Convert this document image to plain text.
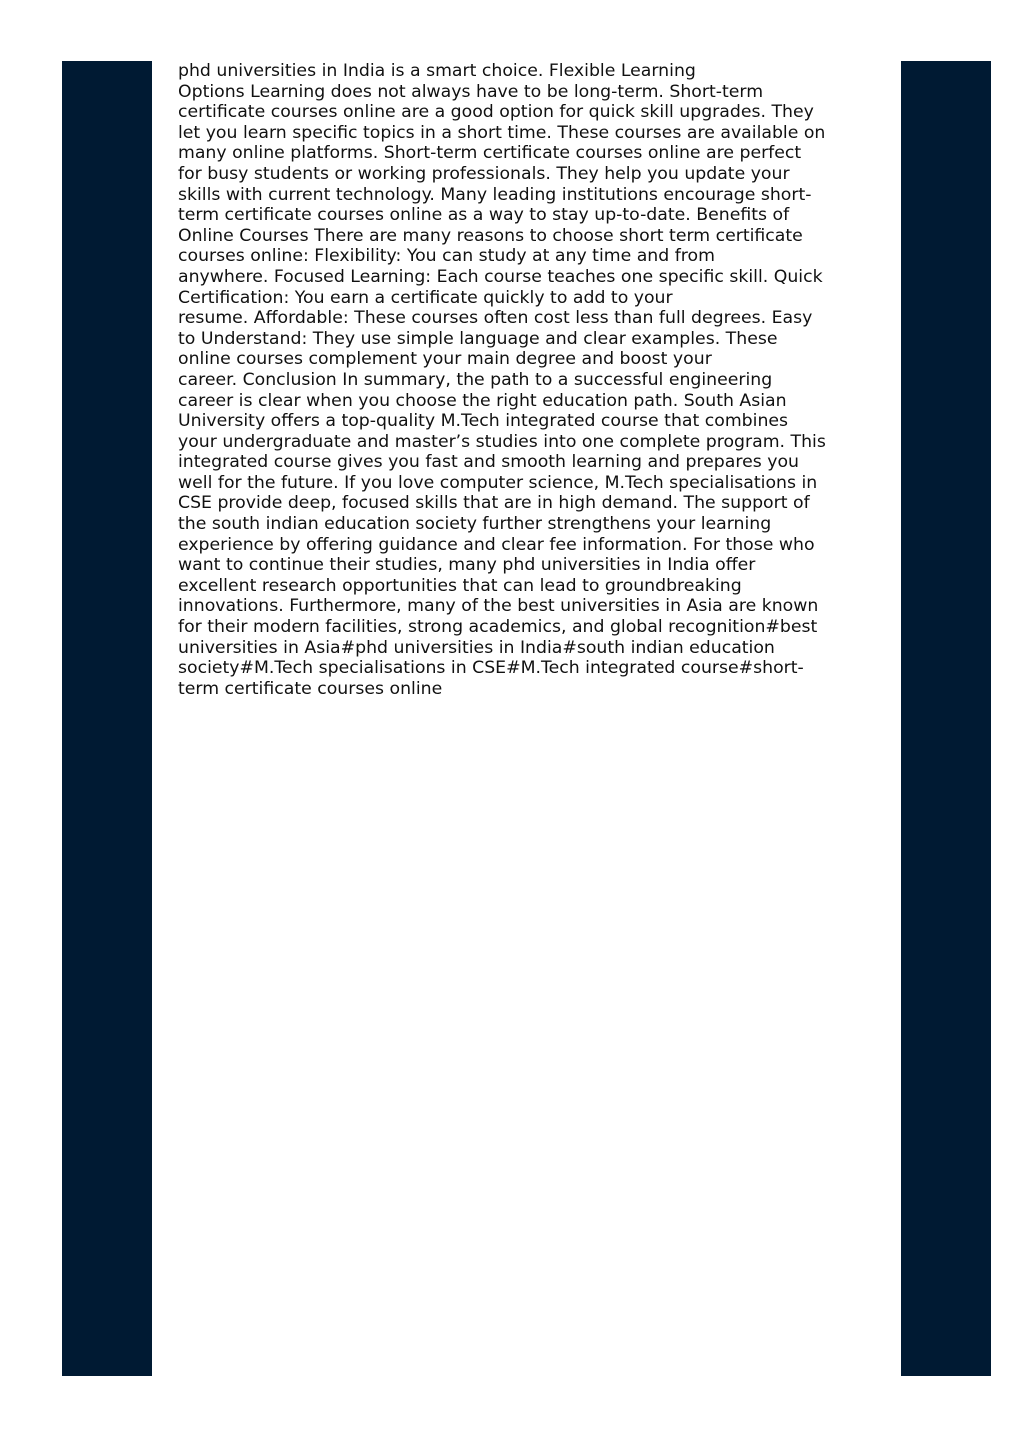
phd universities in India is a smart choice. Flexible Learning
Options Learning does not always have to be long-term. Short-term
certificate courses online are a good option for quick skill upgrades. They
let you learn specific topics in a short time. These courses are available on
many online platforms. Short-term certificate courses online are perfect
for busy students or working professionals. They help you update your
skills with current technology. Many leading institutions encourage short-
term certificate courses online as a way to stay up-to-date. Benefits of
Online Courses There are many reasons to choose short term certificate
courses online: Flexibility: You can study at any time and from
anywhere. Focused Learning: Each course teaches one specific skill. Quick
Certification: You earn a certificate quickly to add to your
resume. Affordable: These courses often cost less than full degrees. Easy
to Understand: They use simple language and clear examples. These
online courses complement your main degree and boost your
career. Conclusion In summary, the path to a successful engineering
career is clear when you choose the right education path. South Asian
University offers a top-quality M.Tech integrated course that combines
your undergraduate and master’s studies into one complete program. This
integrated course gives you fast and smooth learning and prepares you
well for the future. If you love computer science, M.Tech specialisations in
CSE provide deep, focused skills that are in high demand. The support of
the south indian education society further strengthens your learning
experience by offering guidance and clear fee information. For those who
want to continue their studies, many phd universities in India offer
excellent research opportunities that can lead to groundbreaking
innovations. Furthermore, many of the best universities in Asia are known
for their modern facilities, strong academics, and global recognition#best
universities in Asia#phd universities in India#south indian education
society#M.Tech specialisations in CSE#M.Tech integrated course#short-
term certificate courses online
